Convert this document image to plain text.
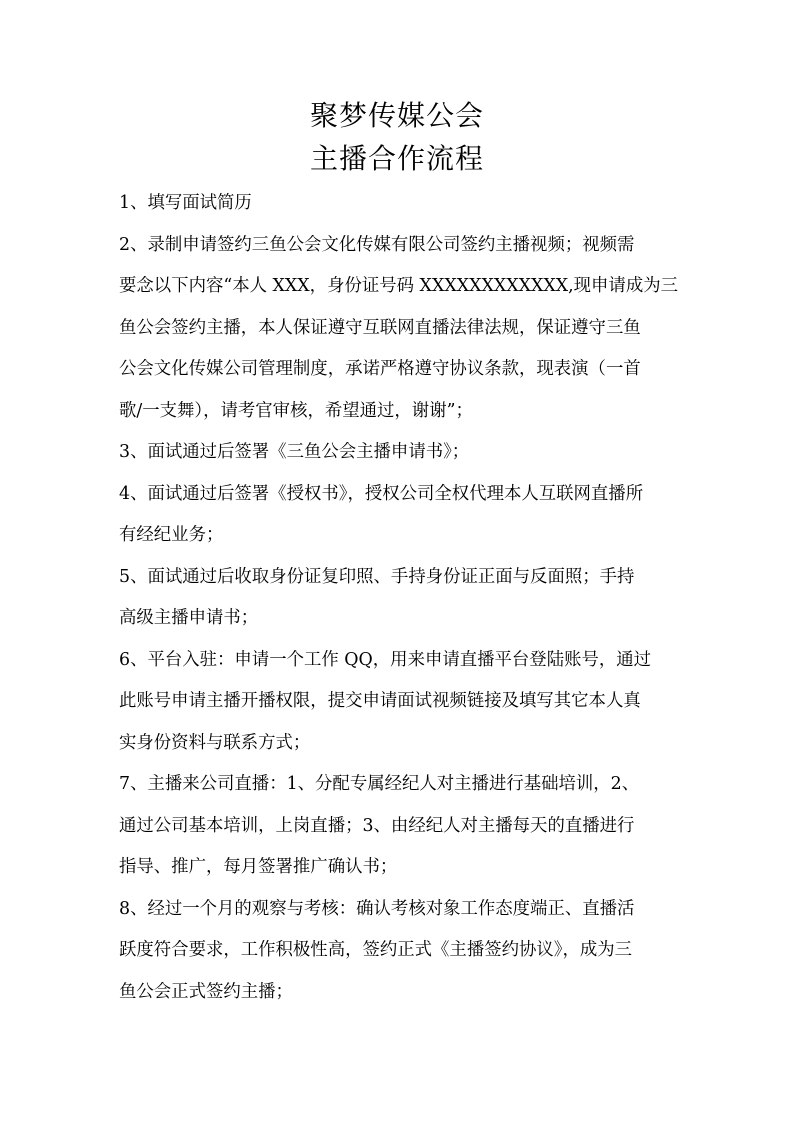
聚梦传媒公会
主播合作流程
1、填写面试简历
2、录制申请签约三鱼公会文化传媒有限公司签约主播视频；视频需
要念以下内容“本人 XXX，身份证号码 XXXXXXXXXXXX,现申请成为三
鱼公会签约主播，本人保证遵守互联网直播法律法规，保证遵守三鱼
公会文化传媒公司管理制度，承诺严格遵守协议条款，现表演（一首
歌/一支舞），请考官审核，希望通过，谢谢”；
3、面试通过后签署《三鱼公会主播申请书》；
4、面试通过后签署《授权书》，授权公司全权代理本人互联网直播所
有经纪业务；
5、面试通过后收取身份证复印照、手持身份证正面与反面照；手持
高级主播申请书；
6、平台入驻：申请一个工作 QQ，用来申请直播平台登陆账号，通过
此账号申请主播开播权限，提交申请面试视频链接及填写其它本人真
实身份资料与联系方式；
7、主播来公司直播：1、分配专属经纪人对主播进行基础培训，2、
通过公司基本培训，上岗直播；3、由经纪人对主播每天的直播进行
指导、推广，每月签署推广确认书；
8、经过一个月的观察与考核：确认考核对象工作态度端正、直播活
跃度符合要求，工作积极性高，签约正式《主播签约协议》，成为三
鱼公会正式签约主播；
